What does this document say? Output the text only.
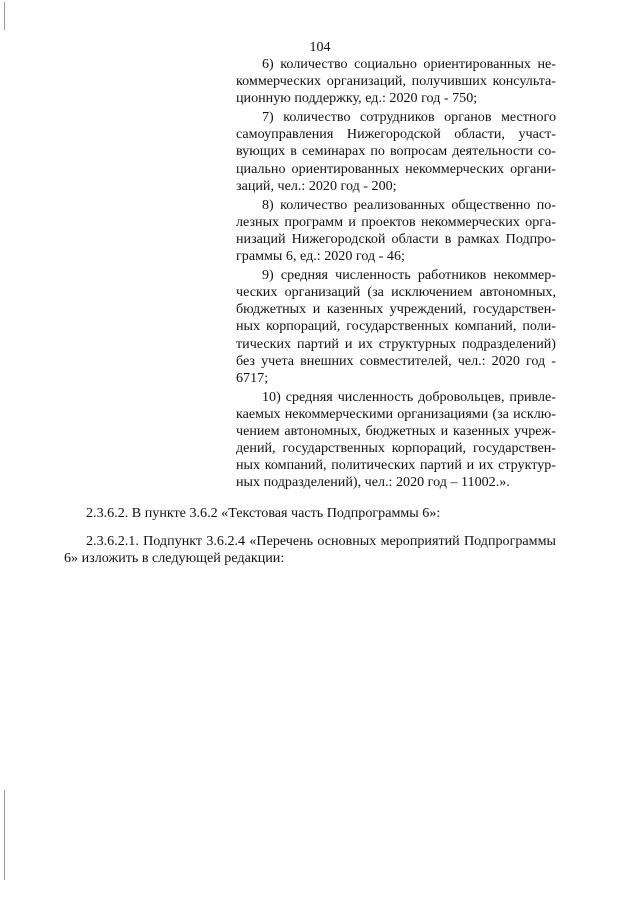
104

6) количество социально ориентированных не-
коммерческих организаций, получивших консульта-
ционную поддержку, ед.: 2020 год - 750;

7) количество сотрудников органов местного
самоуправления Нижегородской области, участ-
вующих в семинарах по вопросам деятельности со-
циально ориентированных некоммерческих органи-
заций, чел.: 2020 год - 200;

8) количество реализованных общественно по-
лезных программ и проектов некоммерческих орга-
низаций Нижегородской области в рамках Подпро-
граммы 6, ед.: 2020 год - 46;

9) средняя численность работников некоммер-
ческих организаций (за исключением автономных,
бюджетных и казенных учреждений, государствен-
ных корпораций, государственных компаний, поли-
тических партий и их структурных подразделений)
без учета внешних совместителей, чел.: 2020 год -
6717;

10) средняя численность добровольцев, привле-
каемых некоммерческими организациями (за исклю-
чением автономных, бюджетных и казенных учреж-
дений, государственных корпораций, государствен-
ных компаний, политических партий и их структур-
ных подразделений), чел.: 2020 год – 11002.».

2.3.6.2. В пункте 3.6.2 «Текстовая часть Подпрограммы 6»:

2.3.6.2.1. Подпункт 3.6.2.4 «Перечень основных мероприятий Подпрограммы
6» изложить в следующей редакции:
